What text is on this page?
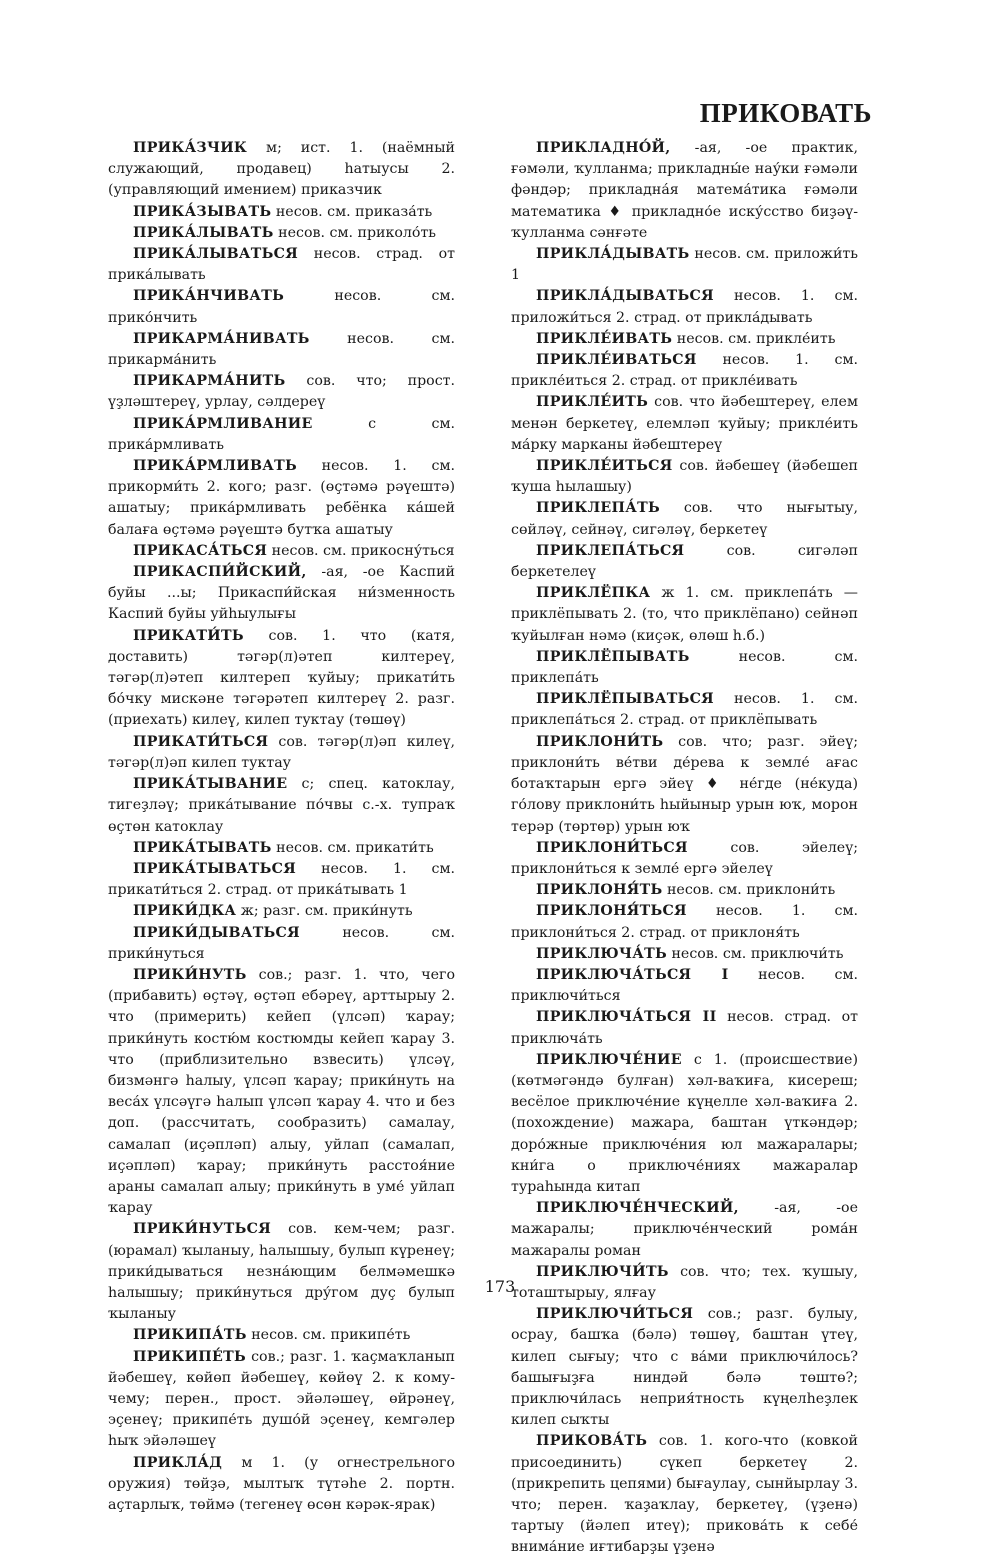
ПРИКОВАТЬ

ПРИКА́ЗЧИК м; ист. 1. (наёмный служающий, продавец) һатыусы 2. (управляющий имением) приказчик

ПРИКА́ЗЫВАТЬ несов. см. приказа́ть

ПРИКА́ЛЫВАТЬ несов. см. приколо́ть

ПРИКА́ЛЫВАТЬСЯ несов. страд. от прика́лывать

ПРИКА́НЧИВАТЬ несов. см. прико́нчить

ПРИКАРМА́НИВАТЬ несов. см. прикарма́нить

ПРИКАРМА́НИТЬ сов. что; прост. үҙләштереү, урлау, сәлдереү

ПРИКА́РМЛИВАНИЕ с см. прика́рмливать

ПРИКА́РМЛИВАТЬ несов. 1. см. прикорми́ть 2. кого; разг. (өҫтәмә рәүештә) ашатыу; прика́рмливать ребёнка ка́шей балаға өҫтәмә рәүештә бутҡа ашатыу

ПРИКАСА́ТЬСЯ несов. см. прикосну́ться

ПРИКАСПИ́ЙСКИЙ, -ая, -ое Каспий буйы ...ы; Прикаспи́йская ни́зменность Каспий буйы уйһыулығы

ПРИКАТИ́ТЬ сов. 1. что (катя, доставить) тәгәр(л)әтеп килтереү, тәгәр(л)әтеп килтереп ҡуйыу; прикати́ть бо́чку мискәне тәгәрәтеп килтереү 2. разг. (приехать) килеү, килеп туктау (төшөү)

ПРИКАТИ́ТЬСЯ сов. тәгәр(л)әп килеү, тәгәр(л)әп килеп туктау

ПРИКА́ТЫВАНИЕ с; спец. катоклау, тигеҙләү; прика́тывание по́чвы с.-х. тупраҡ өҫтөн катоклау

ПРИКА́ТЫВАТЬ несов. см. прикати́ть

ПРИКА́ТЫВАТЬСЯ несов. 1. см. прикати́ться 2. страд. от прика́тывать 1

ПРИКИ́ДКА ж; разг. см. прики́нуть

ПРИКИ́ДЫВАТЬСЯ несов. см. прики́нуться

ПРИКИ́НУТЬ сов.; разг. 1. что, чего (прибавить) өҫтәү, өҫтәп ебәреү, арттырыу 2. что (примерить) кейеп (үлсәп) ҡарау; прики́нуть костю́м костюмды кейеп ҡарау 3. что (приблизительно взвесить) үлсәү, бизмәнгә һалыу, үлсәп ҡарау; прики́нуть на веса́х үлсәүгә һалып үлсәп ҡарау 4. что и без доп. (рассчитать, сообразить) самалау, самалап (иҫәпләп) алыу, уйлап (самалап, иҫәпләп) ҡарау; прики́нуть расстоя́ние араны самалап алыу; прики́нуть в уме́ уйлап ҡарау

ПРИКИ́НУТЬСЯ сов. кем-чем; разг. (юрамал) ҡыланыу, һалышыу, булып күренеү; прики́дываться незна́ющим белмәмешкә һалышыу; прики́нуться дру́гом дуҫ булып ҡыланыу

ПРИКИПА́ТЬ несов. см. прикипе́ть

ПРИКИПЕ́ТЬ сов.; разг. 1. ҡаҫмаҡланып йәбешеү, көйөп йәбешеү, көйөү 2. к кому-чему; перен., прост. эйәләшеү, өйрәнеү, эҫенеү; прикипе́ть душо́й эҫенеү, кемгәлер һыҡ эйәләшеү

ПРИКЛА́Д м 1. (у огнестрельного оружия) төйҙә, мылтыҡ түтәһе 2. портн. аҫтарлыҡ, төймә (тегенеү өсөн кәрәк-ярак)

ПРИКЛАДНО́Й, -ая, -ое практик, ғәмәли, ҡулланма; прикладны́е нау́ки ғәмәли фәндәр; прикладна́я матема́тика ғәмәли математика ♦ прикладно́е иску́сство биҙәү-ҡулланма сәнғәте

ПРИКЛА́ДЫВАТЬ несов. см. приложи́ть 1

ПРИКЛА́ДЫВАТЬСЯ несов. 1. см. приложи́ться 2. страд. от прикла́дывать

ПРИКЛЕ́ИВАТЬ несов. см. прикле́ить

ПРИКЛЕ́ИВАТЬСЯ несов. 1. см. прикле́иться 2. страд. от прикле́ивать

ПРИКЛЕ́ИТЬ сов. что йәбештереү, елем менән беркетеү, елемләп ҡуйыу; прикле́ить ма́рку марканы йәбештереү

ПРИКЛЕ́ИТЬСЯ сов. йәбешеү (йәбешеп ҡуша һылашыу)

ПРИКЛЕПА́ТЬ сов. что нығытыу, сөйләү, сейнәү, сигәләү, беркетеү

ПРИКЛЕПА́ТЬСЯ сов. сигәләп беркетелеү

ПРИКЛЁПКА ж 1. см. приклепа́ть — приклёпывать 2. (то, что приклёпано) сейнәп ҡуйылған нәмә (киҫәк, өлөш һ.б.)

ПРИКЛЁПЫВАТЬ несов. см. приклепа́ть

ПРИКЛЁПЫВАТЬСЯ несов. 1. см. приклепа́ться 2. страд. от приклёпывать

ПРИКЛОНИ́ТЬ сов. что; разг. эйеү; приклони́ть ве́тви де́рева к земле́ ағас ботаҡтарын ергә эйеү ♦ не́где (не́куда) го́лову приклони́ть һыйыныр урын юҡ, морон терәр (төртөр) урын юҡ

ПРИКЛОНИ́ТЬСЯ сов. эйелеү; приклони́ться к земле́ ергә эйелеү

ПРИКЛОНЯ́ТЬ несов. см. приклони́ть

ПРИКЛОНЯ́ТЬСЯ несов. 1. см. приклони́ться 2. страд. от приклоня́ть

ПРИКЛЮЧА́ТЬ несов. см. приключи́ть

ПРИКЛЮЧА́ТЬСЯ I несов. см. приключи́ться

ПРИКЛЮЧА́ТЬСЯ II несов. страд. от приключа́ть

ПРИКЛЮЧЕ́НИЕ с 1. (происшествие) (көтмәгәндә булған) хәл-ваҡиға, кисереш; весёлое приключе́ние күңелле хәл-ваҡиға 2. (похождение) мажара, баштан үткәндәр; доро́жные приключе́ния юл мажаралары; кни́га о приключе́ниях мажаралар тураһында китап

ПРИКЛЮЧЕ́НЧЕСКИЙ, -ая, -ое мажаралы; приключе́нческий рома́н мажаралы роман

ПРИКЛЮЧИ́ТЬ сов. что; тех. ҡушыу, тоташтырыу, ялғау

ПРИКЛЮЧИ́ТЬСЯ сов.; разг. булыу, осрау, башҡа (бәлә) төшөү, баштан үтеү, килеп сығыу; что с ва́ми приключи́лось? башығыҙға ниндәй бәлә төштө?; приключи́лась неприя́тность күңелһеҙлек килеп сыҡты

ПРИКОВА́ТЬ сов. 1. кого-что (ковкой присоединить) сүкеп беркетеү 2. (прикрепить цепями) бығаулау, сынйырлау 3. что; перен. ҡаҙаҡлау, беркетеү, (үҙенә) тартыу (йәлеп итеү); прикова́ть к себе́ внима́ние иғтибарҙы үҙенә

173
